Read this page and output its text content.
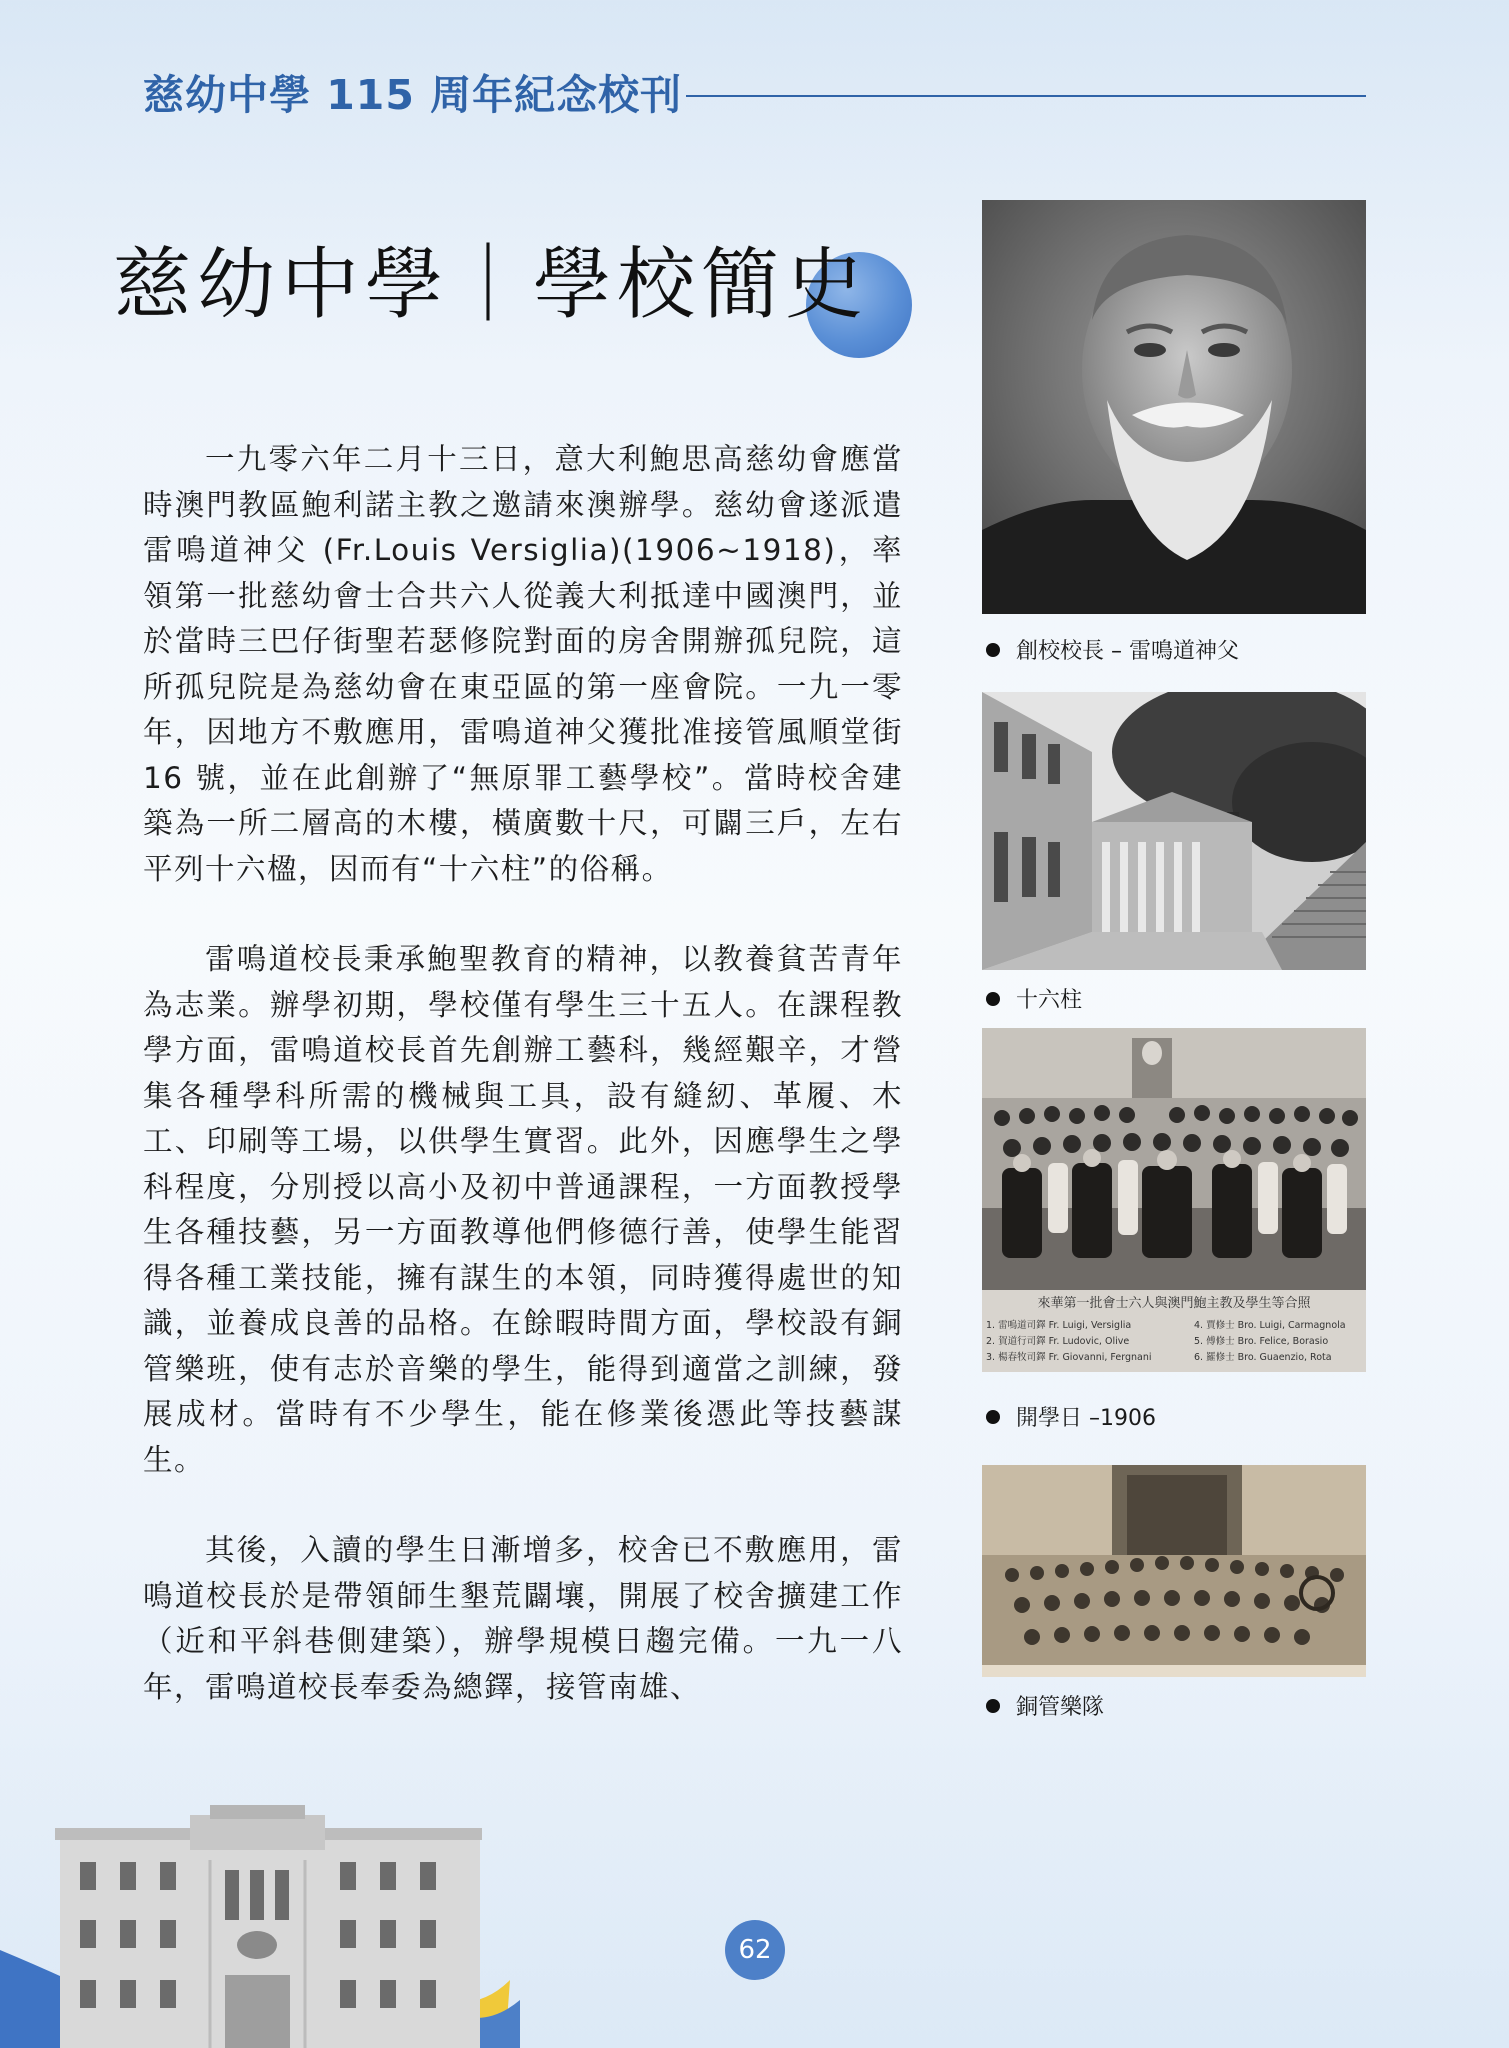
慈幼中學 115 周年紀念校刊
慈幼中學｜學校簡史

一九零六年二月十三日，意大利鮑思高慈幼會應當時澳門教區鮑利諾主教之邀請來澳辦學。慈幼會遂派遣雷鳴道神父 (Fr.Louis Versiglia)(1906~1918)，率領第一批慈幼會士合共六人從義大利抵達中國澳門，並於當時三巴仔街聖若瑟修院對面的房舍開辦孤兒院，這所孤兒院是為慈幼會在東亞區的第一座會院。一九一零年，因地方不敷應用，雷鳴道神父獲批准接管風順堂街 16 號，並在此創辦了“無原罪工藝學校”。當時校舍建築為一所二層高的木樓，橫廣數十尺，可闢三戶，左右平列十六楹，因而有“十六柱”的俗稱。

雷鳴道校長秉承鮑聖教育的精神，以教養貧苦青年為志業。辦學初期，學校僅有學生三十五人。在課程教學方面，雷鳴道校長首先創辦工藝科，幾經艱辛，才營集各種學科所需的機械與工具，設有縫紉、革履、木工、印刷等工場，以供學生實習。此外，因應學生之學科程度，分別授以高小及初中普通課程，一方面教授學生各種技藝，另一方面教導他們修德行善，使學生能習得各種工業技能，擁有謀生的本領，同時獲得處世的知識，並養成良善的品格。在餘暇時間方面，學校設有銅管樂班，使有志於音樂的學生，能得到適當之訓練，發展成材。當時有不少學生，能在修業後憑此等技藝謀生。

其後，入讀的學生日漸增多，校舍已不敷應用，雷鳴道校長於是帶領師生墾荒闢壤，開展了校舍擴建工作（近和平斜巷側建築），辦學規模日趨完備。一九一八年，雷鳴道校長奉委為總鐸，接管南雄、

創校校長 – 雷鳴道神父
十六柱
來華第一批會士六人與澳門鮑主教及學生等合照
1. 雷鳴道司鐸 Fr. Luigi, Versiglia
2. 賀道行司鐸 Fr. Ludovic, Olive
3. 楊春牧司鐸 Fr. Giovanni, Fergnani
4. 賈修士 Bro. Luigi, Carmagnola
5. 傅修士 Bro. Felice, Borasio
6. 羅修士 Bro. Guaenzio, Rota
開學日 –1906
銅管樂隊
62
